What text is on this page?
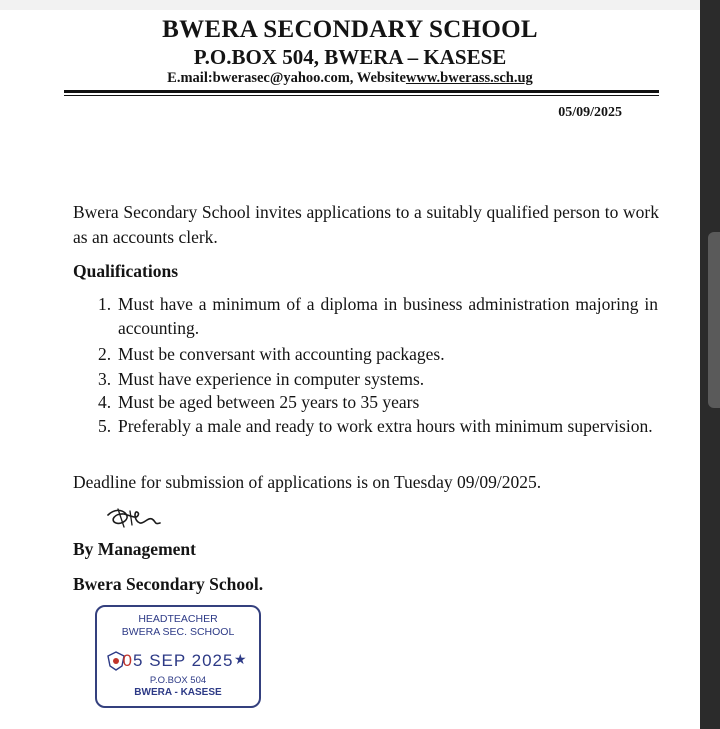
BWERA SECONDARY SCHOOL
P.O.BOX 504, BWERA – KASESE
E.mail:bwerasec@yahoo.com, Websitewww.bwerass.sch.ug
05/09/2025
Bwera Secondary School invites applications to a suitably qualified person to work as an accounts clerk.
Qualifications
1. Must have a minimum of a diploma in business administration majoring in accounting.
2. Must be conversant with accounting packages.
3. Must have experience in computer systems.
4. Must be aged between 25 years to 35 years
5. Preferably a male and ready to work extra hours with minimum supervision.
Deadline for submission of applications is on Tuesday 09/09/2025.
By Management
Bwera Secondary School.
HEADTEACHER
BWERA SEC. SCHOOL
05 SEP 2025 ★
P.O.BOX 504
BWERA - KASESE
